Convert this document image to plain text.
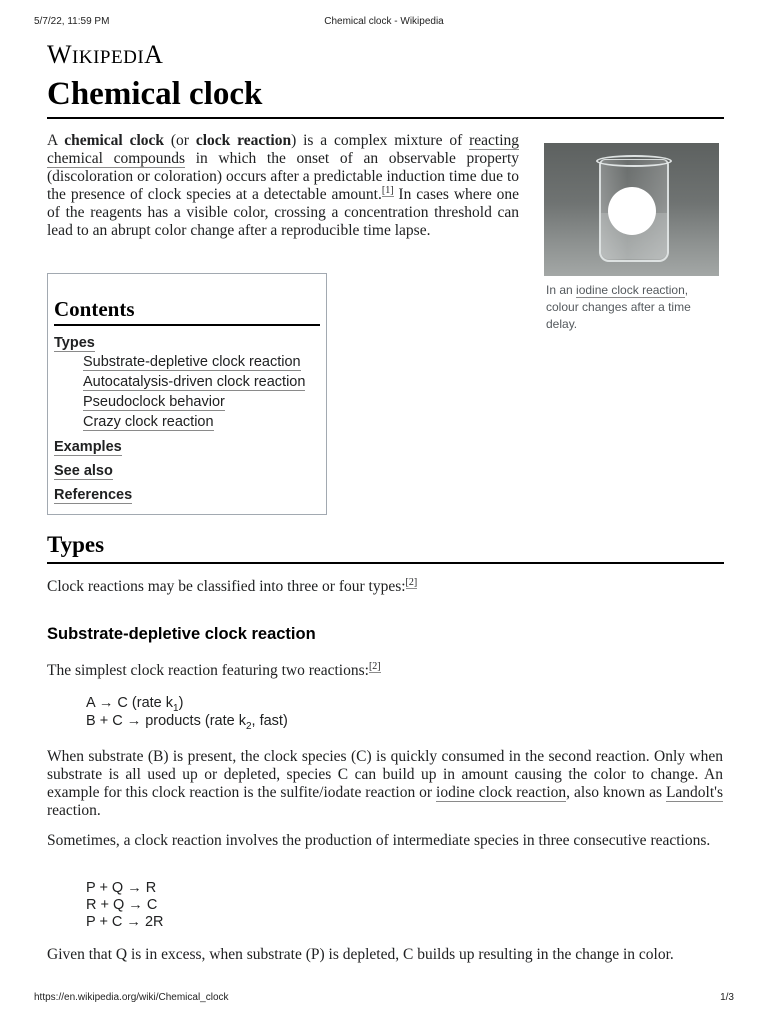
5/7/22, 11:59 PM	Chemical clock - Wikipedia
WIKIPEDIA
Chemical clock

A chemical clock (or clock reaction) is a complex mixture of reacting chemical compounds in which the onset of an observable property (discoloration or coloration) occurs after a predictable induction time due to the presence of clock species at a detectable amount.[1] In cases where one of the reagents has a visible color, crossing a concentration threshold can lead to an abrupt color change after a reproducible time lapse.

In an iodine clock reaction, colour changes after a time delay.
Contents
Types
Substrate-depletive clock reaction
Autocatalysis-driven clock reaction
Pseudoclock behavior
Crazy clock reaction
Examples
See also
References
Types

Clock reactions may be classified into three or four types:[2]

Substrate-depletive clock reaction

The simplest clock reaction featuring two reactions:[2]

A → C (rate $k_1$)
B + C → products (rate $k_2$, fast)

When substrate (B) is present, the clock species (C) is quickly consumed in the second reaction. Only when substrate is all used up or depleted, species C can build up in amount causing the color to change. An example for this clock reaction is the sulfite/iodate reaction or iodine clock reaction, also known as Landolt's reaction.

Sometimes, a clock reaction involves the production of intermediate species in three consecutive reactions.

P + Q → R
R + Q → C
P + C → 2R

Given that Q is in excess, when substrate (P) is depleted, C builds up resulting in the change in color.

https://en.wikipedia.org/wiki/Chemical_clock	1/3
